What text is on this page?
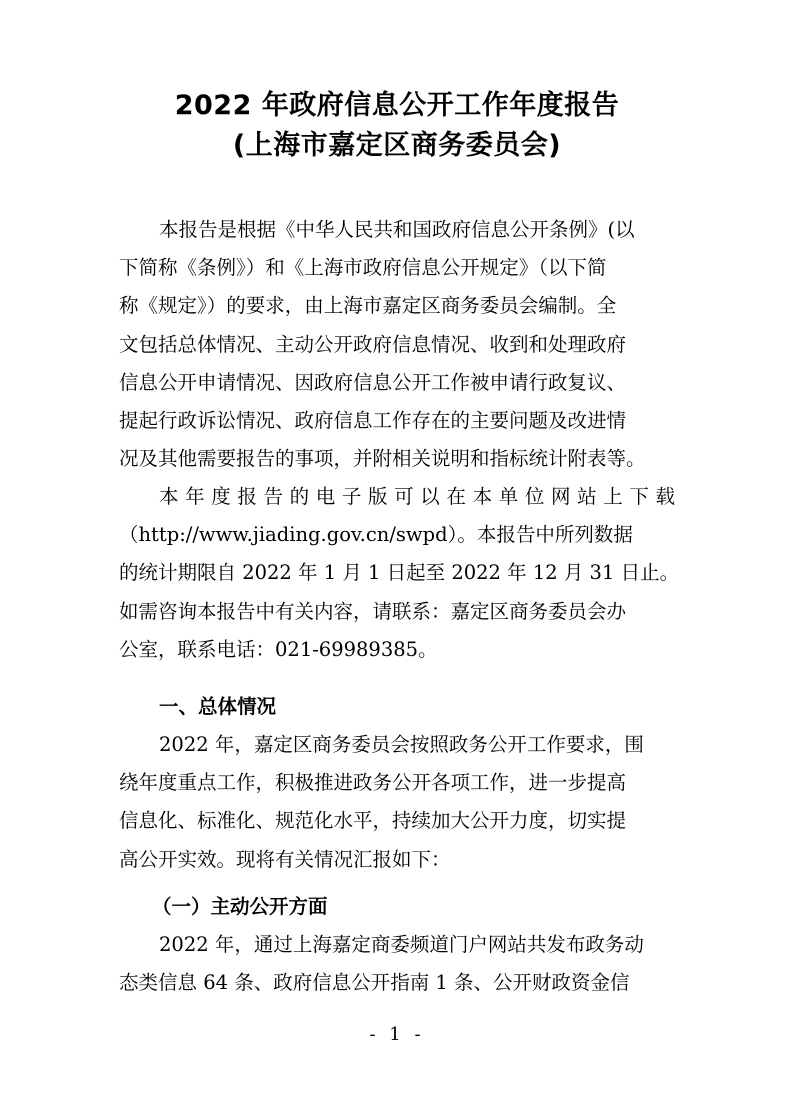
2022 年政府信息公开工作年度报告
(上海市嘉定区商务委员会)
本报告是根据《中华人民共和国政府信息公开条例》(以
下简称《条例》）和《上海市政府信息公开规定》（以下简
称《规定》）的要求，由上海市嘉定区商务委员会编制。全
文包括总体情况、主动公开政府信息情况、收到和处理政府
信息公开申请情况、因政府信息公开工作被申请行政复议、
提起行政诉讼情况、政府信息工作存在的主要问题及改进情
况及其他需要报告的事项，并附相关说明和指标统计附表等。
本年度报告的电子版可以在本单位网站上下载
（http://www.jiading.gov.cn/swpd）。本报告中所列数据
的统计期限自 2022 年 1 月 1 日起至 2022 年 12 月 31 日止。
如需咨询本报告中有关内容，请联系：嘉定区商务委员会办
公室，联系电话：021-69989385。
一、总体情况
2022 年，嘉定区商务委员会按照政务公开工作要求，围
绕年度重点工作，积极推进政务公开各项工作，进一步提高
信息化、标准化、规范化水平，持续加大公开力度，切实提
高公开实效。现将有关情况汇报如下：
（一）主动公开方面
2022 年，通过上海嘉定商委频道门户网站共发布政务动
态类信息 64 条、政府信息公开指南 1 条、公开财政资金信
- 1 -
